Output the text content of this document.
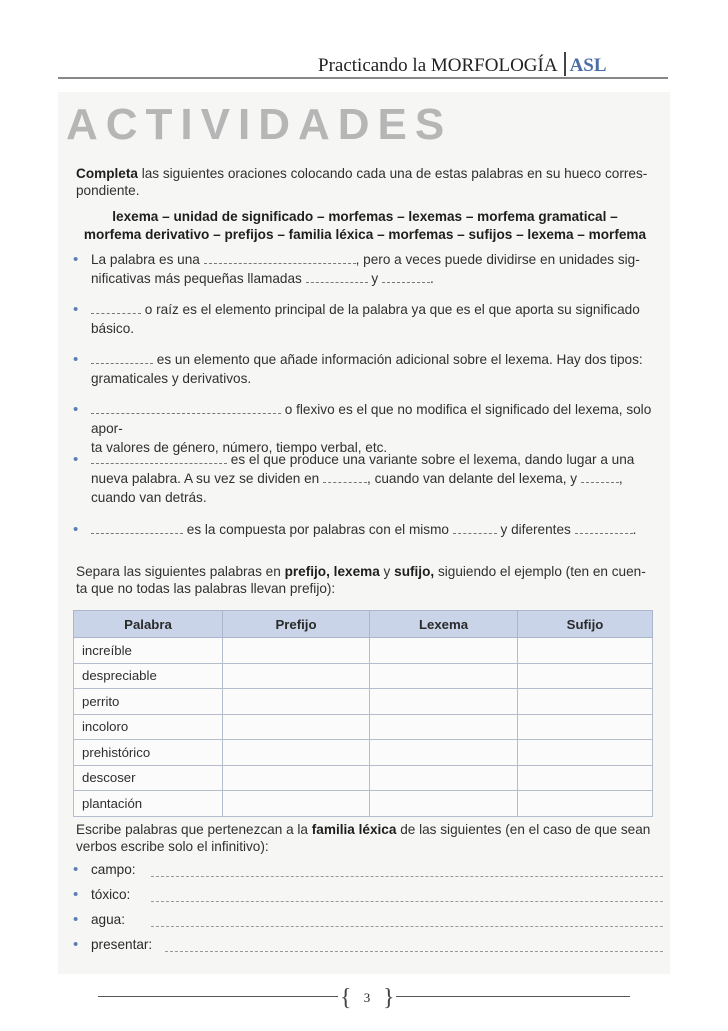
Practicando la MORFOLOGÍA ASL
ACTIVIDADES
Completa las siguientes oraciones colocando cada una de estas palabras en su hueco corres-
pondiente.
lexema – unidad de significado – morfemas – lexemas – morfema gramatical –
morfema derivativo – prefijos – familia léxica – morfemas – sufijos – lexema – morfema
• La palabra es una	, pero a veces puede dividirse en unidades sig-
nificativas más pequeñas llamadas	y	.
•	o raíz es el elemento principal de la palabra ya que es el que aporta su significado
básico.
•	es un elemento que añade información adicional sobre el lexema. Hay dos tipos:
gramaticales y derivativos.
•	o flexivo es el que no modifica el significado del lexema, solo apor-
ta valores de género, número, tiempo verbal, etc.
•	es el que produce una variante sobre el lexema, dando lugar a una
nueva palabra. A su vez se dividen en	, cuando van delante del lexema, y	,
cuando van detrás.
•	es la compuesta por palabras con el mismo	y diferentes	.
Separa las siguientes palabras en prefijo, lexema y sufijo, siguiendo el ejemplo (ten en cuen-
ta que no todas las palabras llevan prefijo):
Palabra	Prefijo	Lexema	Sufijo
increíble			
despreciable			
perrito			
incoloro			
prehistórico			
descoser			
plantación			
Escribe palabras que pertenezcan a la familia léxica de las siguientes (en el caso de que sean
verbos escribe solo el infinitivo):
• campo:
• tóxico:
• agua:
• presentar:
{ 3 }
